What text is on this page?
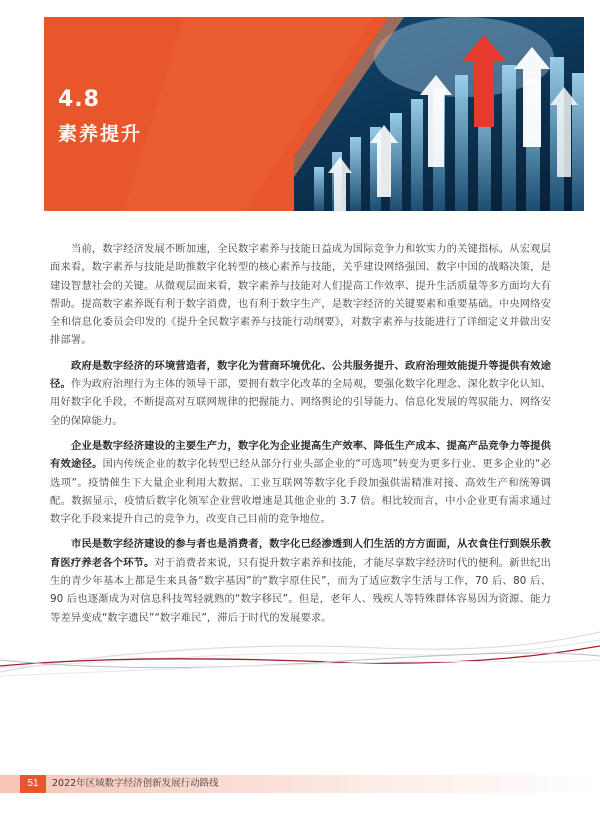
4.8
素养提升

当前，数字经济发展不断加速，全民数字素养与技能日益成为国际竞争力和软实力的关键指标。从宏观层面来看，数字素养与技能是助推数字化转型的核心素养与技能，关乎建设网络强国、数字中国的战略决策，是建设智慧社会的关键。从微观层面来看，数字素养与技能对人们提高工作效率、提升生活质量等多方面均大有帮助。提高数字素养既有利于数字消费，也有利于数字生产，是数字经济的关键要素和重要基础。中央网络安全和信息化委员会印发的《提升全民数字素养与技能行动纲要》，对数字素养与技能进行了详细定义并做出安排部署。

政府是数字经济的环境营造者，数字化为营商环境优化、公共服务提升、政府治理效能提升等提供有效途径。作为政府治理行为主体的领导干部，要拥有数字化改革的全局观，要强化数字化理念、深化数字化认知、用好数字化手段，不断提高对互联网规律的把握能力、网络舆论的引导能力、信息化发展的驾驭能力、网络安全的保障能力。

企业是数字经济建设的主要生产力，数字化为企业提高生产效率、降低生产成本、提高产品竞争力等提供有效途径。国内传统企业的数字化转型已经从部分行业头部企业的“可选项”转变为更多行业、更多企业的“必选项”。疫情催生下大量企业利用大数据、工业互联网等数字化手段加强供需精准对接、高效生产和统筹调配。数据显示，疫情后数字化领军企业营收增速是其他企业的 3.7 倍。相比较而言，中小企业更有需求通过数字化手段来提升自己的竞争力，改变自己目前的竞争地位。

市民是数字经济建设的参与者也是消费者，数字化已经渗透到人们生活的方方面面，从衣食住行到娱乐教育医疗养老各个环节。对于消费者来说，只有提升数字素养和技能，才能尽享数字经济时代的便利。新世纪出生的青少年基本上都是生来具备“数字基因”的“数字原住民”，而为了适应数字生活与工作，70 后、80 后、90 后也逐渐成为对信息科技驾轻就熟的“数字移民”。但是，老年人、残疾人等特殊群体容易因为资源、能力等差异变成“数字遗民”“数字难民”，滞后于时代的发展要求。

51	2022年区域数字经济创新发展行动路线
